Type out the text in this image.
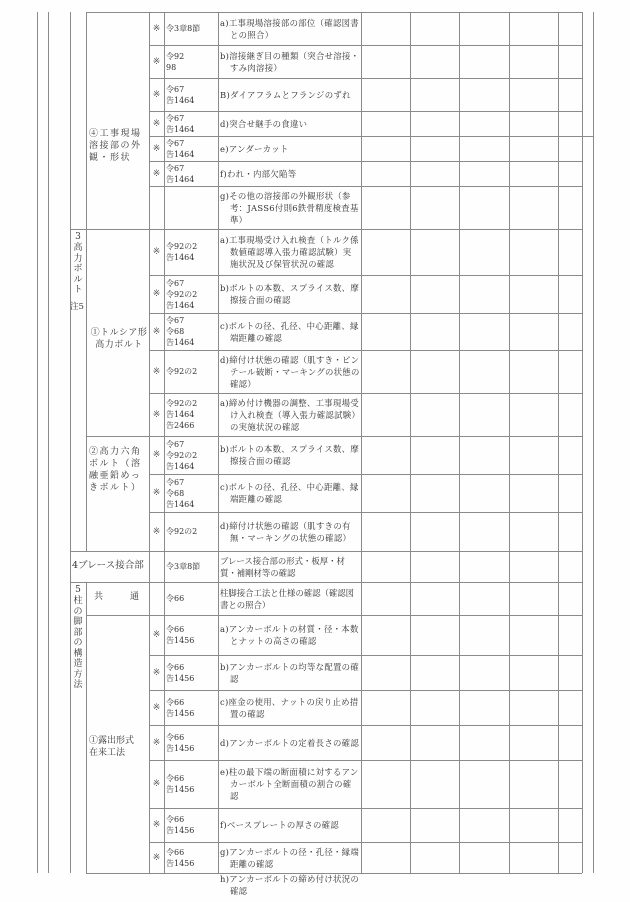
※ 令3章8節
a)工事現場溶接部の部位（確認図書との照合）
※
令92
98
b)溶接継ぎ目の種類（突合せ溶接・すみ肉溶接）
※
令67
告1464
B)ダイアフラムとフランジのずれ
※
令67
告1464
d)突合せ継手の食違い
※
令67
告1464
e)アンダーカット
※
令67
告1464
f)われ・内部欠陥等
g)その他の溶接部の外観形状（参考：JASS6付則6鉄骨精度検査基準）
※
令92の2
告1464
a)工事現場受け入れ検査（トルク係数値確認導入張力確認試験）実施状況及び保管状況の確認
※
令67
令92の2
告1464
b)ボルトの本数、スプライス数、摩擦接合面の確認
※
令67
令68
告1464
c)ボルトの径、孔径、中心距離、縁端距離の確認
※ 令92の2
d)締付け状態の確認（肌すき・ピンテール破断・マーキングの状態の確認）
※
令92の2
告1464
告2466
a)締め付け機器の調整、工事現場受け入れ検査（導入張力確認試験）の実施状況の確認
※
令67
令92の2
告1464
b)ボルトの本数、スプライス数、摩擦接合面の確認
※
令67
令68
告1464
c)ボルトの径、孔径、中心距離、縁端距離の確認
※ 令92の2
d)締付け状態の確認（肌すきの有無・マーキングの状態の確認）
令3章8節
ブレース接合部の形式・板厚・材質・補剛材等の確認
令66
柱脚接合工法と仕様の確認（確認図書との照合）
※
令66
告1456
a)アンカーボルトの材質・径・本数とナットの高さの確認
※
令66
告1456
b)アンカーボルトの均等な配置の確認
※
令66
告1456
c)座金の使用、ナットの戻り止め措置の確認
※
令66
告1456
d)アンカーボルトの定着長さの確認
※
令66
告1456
e)柱の最下端の断面積に対するアンカーボルト全断面積の割合の確認
※
令66
告1456
f)ベースプレートの厚さの確認
※
令66
告1456
g)アンカーボルトの径・孔径・縁端距離の確認
h)アンカーボルトの締め付け状況の確認
3
高
力
ボ
ル
ト
注5
4ブレース接合部
5
柱
の
脚
部
の
構
造
方
法
④工事現場溶接部の外観・形状
①トルシア形高力ボルト
②高力六角ボルト（溶融亜鉛めっきボルト）
共　　　通
①露出形式在来工法
